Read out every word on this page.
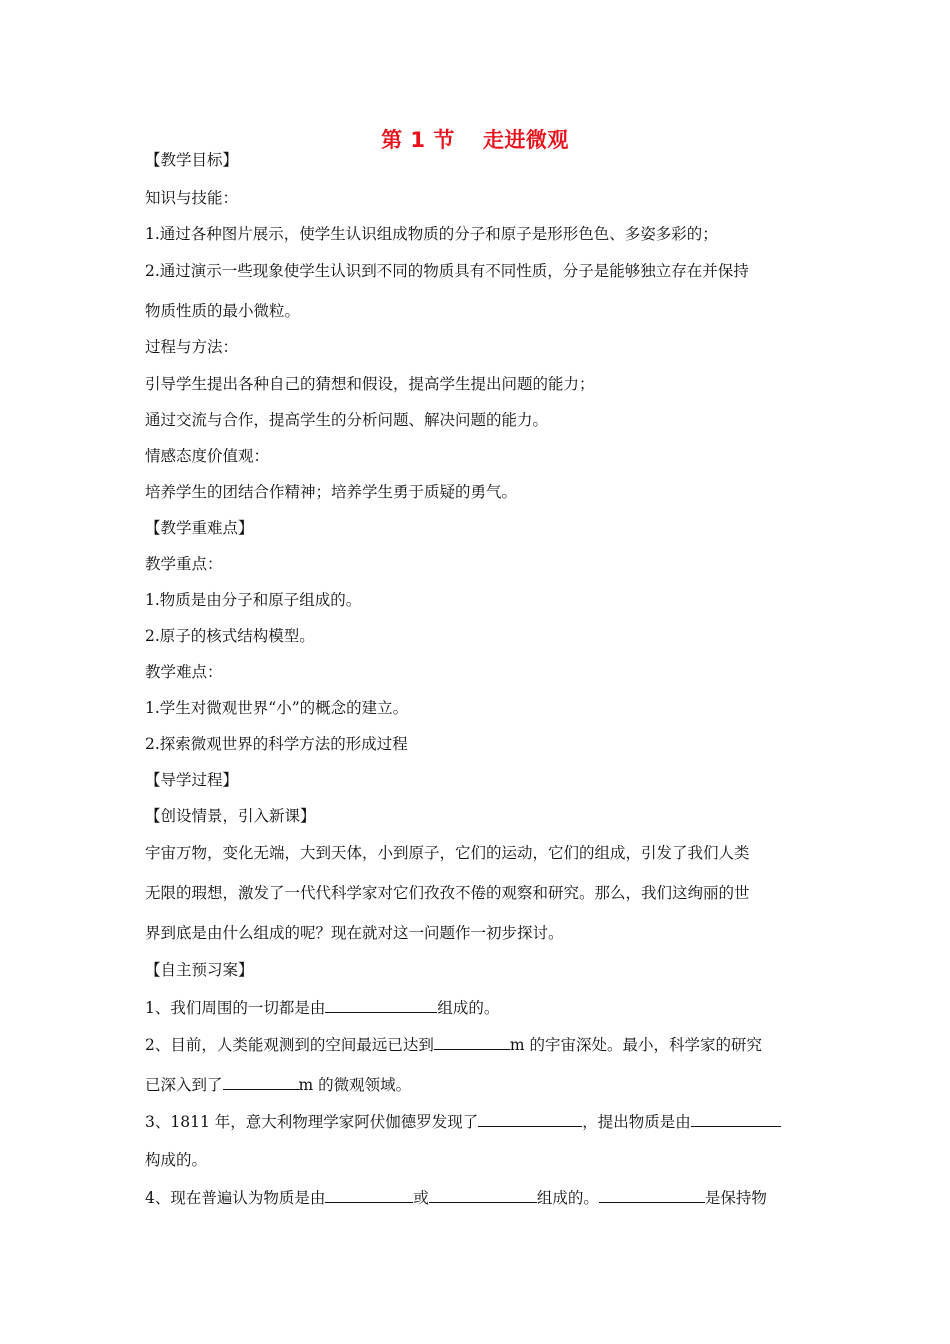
第 1 节 走进微观
【教学目标】
知识与技能：
1.通过各种图片展示，使学生认识组成物质的分子和原子是形形色色、多姿多彩的；
2.通过演示一些现象使学生认识到不同的物质具有不同性质，分子是能够独立存在并保持
物质性质的最小微粒。
过程与方法：
引导学生提出各种自己的猜想和假设，提高学生提出问题的能力；
通过交流与合作，提高学生的分析问题、解决问题的能力。
情感态度价值观：
培养学生的团结合作精神；培养学生勇于质疑的勇气。
【教学重难点】
教学重点：
1.物质是由分子和原子组成的。
2.原子的核式结构模型。
教学难点：
1.学生对微观世界“小”的概念的建立。
2.探索微观世界的科学方法的形成过程
【导学过程】
【创设情景，引入新课】
宇宙万物，变化无端，大到天体，小到原子，它们的运动，它们的组成，引发了我们人类
无限的瑕想，激发了一代代科学家对它们孜孜不倦的观察和研究。那么，我们这绚丽的世
界到底是由什么组成的呢？现在就对这一问题作一初步探讨。
【自主预习案】
1、我们周围的一切都是由	组成的。
2、目前，人类能观测到的空间最远已达到	m 的宇宙深处。最小，科学家的研究
已深入到了	m 的微观领域。
3、1811 年，意大利物理学家阿伏伽德罗发现了	，提出物质是由
构成的。
4、现在普遍认为物质是由	或	组成的。	是保持物
